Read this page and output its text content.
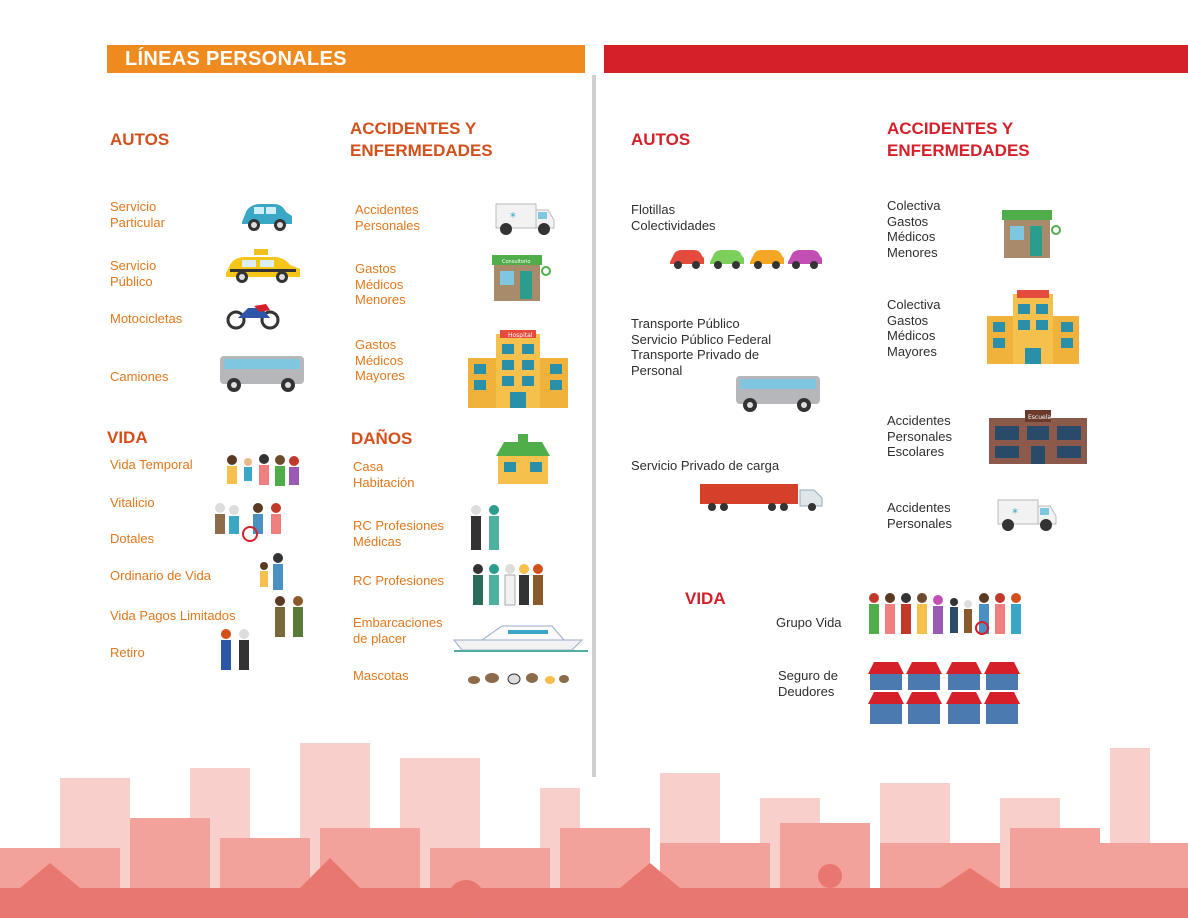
LÍNEAS PERSONALES
AUTOS
Servicio
Particular
Servicio
Público
Motocicletas
Camiones
ACCIDENTES Y
ENFERMEDADES
Accidentes
Personales
Gastos
Médicos
Menores
Gastos
Médicos
Mayores
*
Consultorio
Hospital
VIDA
Vida Temporal
Vitalicio
Dotales
Ordinario de Vida
Vida Pagos Limitados
Retiro
DAÑOS
Casa
Habitación
RC Profesiones
Médicas
RC Profesiones
Embarcaciones
de placer
Mascotas
AUTOS
Flotillas
Colectividades
Transporte Público
Servicio Público Federal
Transporte Privado de
Personal
Servicio Privado de carga
ACCIDENTES Y
ENFERMEDADES
Colectiva
Gastos
Médicos
Menores
Colectiva
Gastos
Médicos
Mayores
Accidentes
Personales
Escolares
Accidentes
Personales
Escuela
*
VIDA
Grupo Vida
Seguro de
Deudores
